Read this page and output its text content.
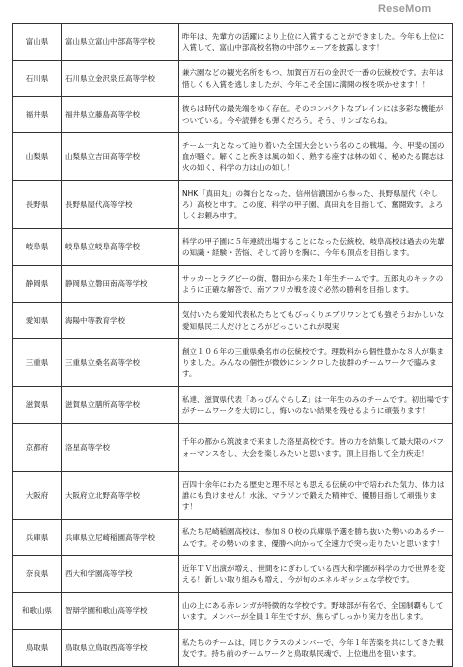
ReseMom
富山県	富山県立富山中部高等学校	昨年は、先輩方の活躍により上位に入賞することができました。今年も上位に入賞して、富山中部高校名物の中部ウェーブを披露します！
石川県	石川県立金沢泉丘高等学校	兼六園などの観光名所をもつ、加賀百万石の金沢で一番の伝統校です。去年は惜しくも入賞を逃しましたが、今年こそ全国に満開の桜を咲かせます！！
福井県	福井県立藤島高等学校	彼らは時代の最先端をゆく存在。そのコンパクトなブレインには多彩な機能がついている。今や読弾をも弾くだろう。そう、リンゴならね。
山梨県	山梨県立吉田高等学校	チーム一丸となって辿り着いた全国大会という名のこの戦場。今、甲斐の国の血が騒ぐ。解くこと疾きは風の如く、熟する座すは林の如く、秘めたる闘志は火の如く、科学の力は山の如し！
長野県	長野県屋代高等学校	NHK「真田丸」の舞台となった、信州信濃国から参った、長野県屋代（やしろ）高校と申す。この度、科学の甲子園、真田丸を目指して、奮闘致す。よろしくお頼み申す。
岐阜県	岐阜県立岐阜高等学校	科学の甲子園に５年連続出場することになった伝統校、岐阜高校は過去の先輩の知識・経験・苦悩、そして誇りを胸に、今年も頂点を目指します。
静岡県	静岡県立磐田南高等学校	サッカーとラグビーの街、磐田から来た１年生チームです。五郎丸のキックのように正確な解答で、南アフリカ戦を凌ぐ必然の勝利を目指します。
愛知県	海陽中等教育学校	気付いたら愛知代表私たちとてもびっくりエブリワンとても強そうおかしいな愛知県民二人だけところがどっこいこれが現実
三重県	三重県立桑名高等学校	創立１０６年の三重県桑名市の伝統校です。理数科から個性豊かな８人が集まりました。みんなの個性が微妙にシンクロした抜群のチームワークで臨みます。
滋賀県	滋賀県立膳所高等学校	私達、滋賀県代表「あっぴんぐらしZ」は一年生のみのチームです。初出場ですがチームワークを大切にし、悔いのない結果を残せるように頑張ります！
京都府	洛星高等学校	千年の都から筑波まで来ました洛星高校です。皆の力を結集して最大限のパフォーマンスをし、大会を楽しみたいと思います。頂上目指して全力疾走！
大阪府	大阪府立北野高等学校	百四十余年にわたる歴史と理不尽とも思える伝統の中で培われた気力、体力は誰にも負けません！水泳、マラソンで鍛えた精神で、優勝目指して頑張ります！
兵庫県	兵庫県立尼崎稲園高等学校	私たち尼崎稲園高校は、参加８０校の兵庫県予選を勝ち抜いた勢いのあるチームです。その勢いのまま、優勝へ向かって全速力で突っ走りたいと思います！
奈良県	西大和学園高等学校	近年ＴＶ出演が増え、世間をにぎわしている西大和学園が科学の力で世界を変える！新しい取り組みも増え、今が旬のエネルギッシュな学校です。
和歌山県	智辯学園和歌山高等学校	山の上にある赤レンガが特徴的な学校です。野球部が有名で、全国制覇もしています。メンバーが全員１年生ですが、焦らずしっかり実力を出します。
鳥取県	鳥取県立鳥取西高等学校	私たちのチームは、同じクラスのメンバーで、今年１年苦楽を共にしてきた戦友です。持ち前のチームワークと鳥取県民魂で、上位進出を狙います。
